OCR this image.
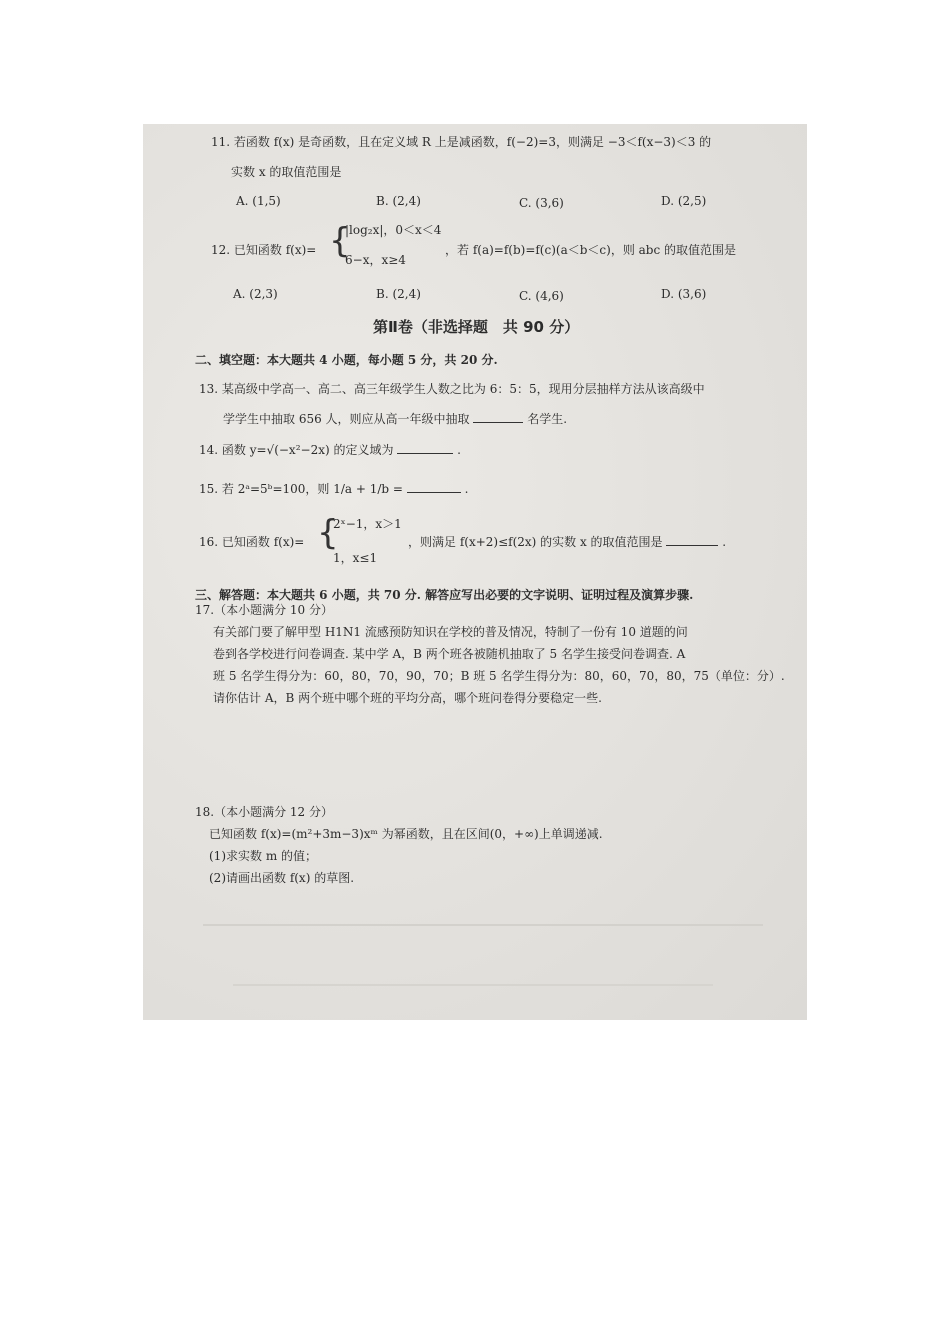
11. 若函数 f(x) 是奇函数，且在定义域 R 上是减函数，f(−2)=3，则满足 −3＜f(x−3)＜3 的
实数 x 的取值范围是
A. (1,5)	B. (2,4)	C. (3,6)	D. (2,5)
12. 已知函数 f(x)= {
|log₂x|，0＜x＜4
6−x，x≥4
，若 f(a)=f(b)=f(c)(a＜b＜c)，则 abc 的取值范围是
A. (2,3)	B. (2,4)	C. (4,6)	D. (3,6)
第Ⅱ卷（非选择题　共 90 分）
二、填空题：本大题共 4 小题，每小题 5 分，共 20 分.
13. 某高级中学高一、高二、高三年级学生人数之比为 6：5：5，现用分层抽样方法从该高级中
学学生中抽取 656 人，则应从高一年级中抽取	名学生.
14. 函数 y=√(−x²−2x) 的定义域为	.
15. 若 2ᵃ=5ᵇ=100，则 1/a + 1/b =	.
16. 已知函数 f(x)= {
2ˣ−1，x＞1
1，x≤1
，则满足 f(x+2)≤f(2x) 的实数 x 的取值范围是	.
三、解答题：本大题共 6 小题，共 70 分. 解答应写出必要的文字说明、证明过程及演算步骤.
17.（本小题满分 10 分）
有关部门要了解甲型 H1N1 流感预防知识在学校的普及情况，特制了一份有 10 道题的问
卷到各学校进行问卷调查. 某中学 A，B 两个班各被随机抽取了 5 名学生接受问卷调查. A
班 5 名学生得分为：60，80，70，90，70；B 班 5 名学生得分为：80，60，70，80，75（单位：分）.
请你估计 A，B 两个班中哪个班的平均分高，哪个班问卷得分要稳定一些.
18.（本小题满分 12 分）
已知函数 f(x)=(m²+3m−3)xᵐ 为幂函数，且在区间(0，+∞)上单调递减.
(1)求实数 m 的值；
(2)请画出函数 f(x) 的草图.
